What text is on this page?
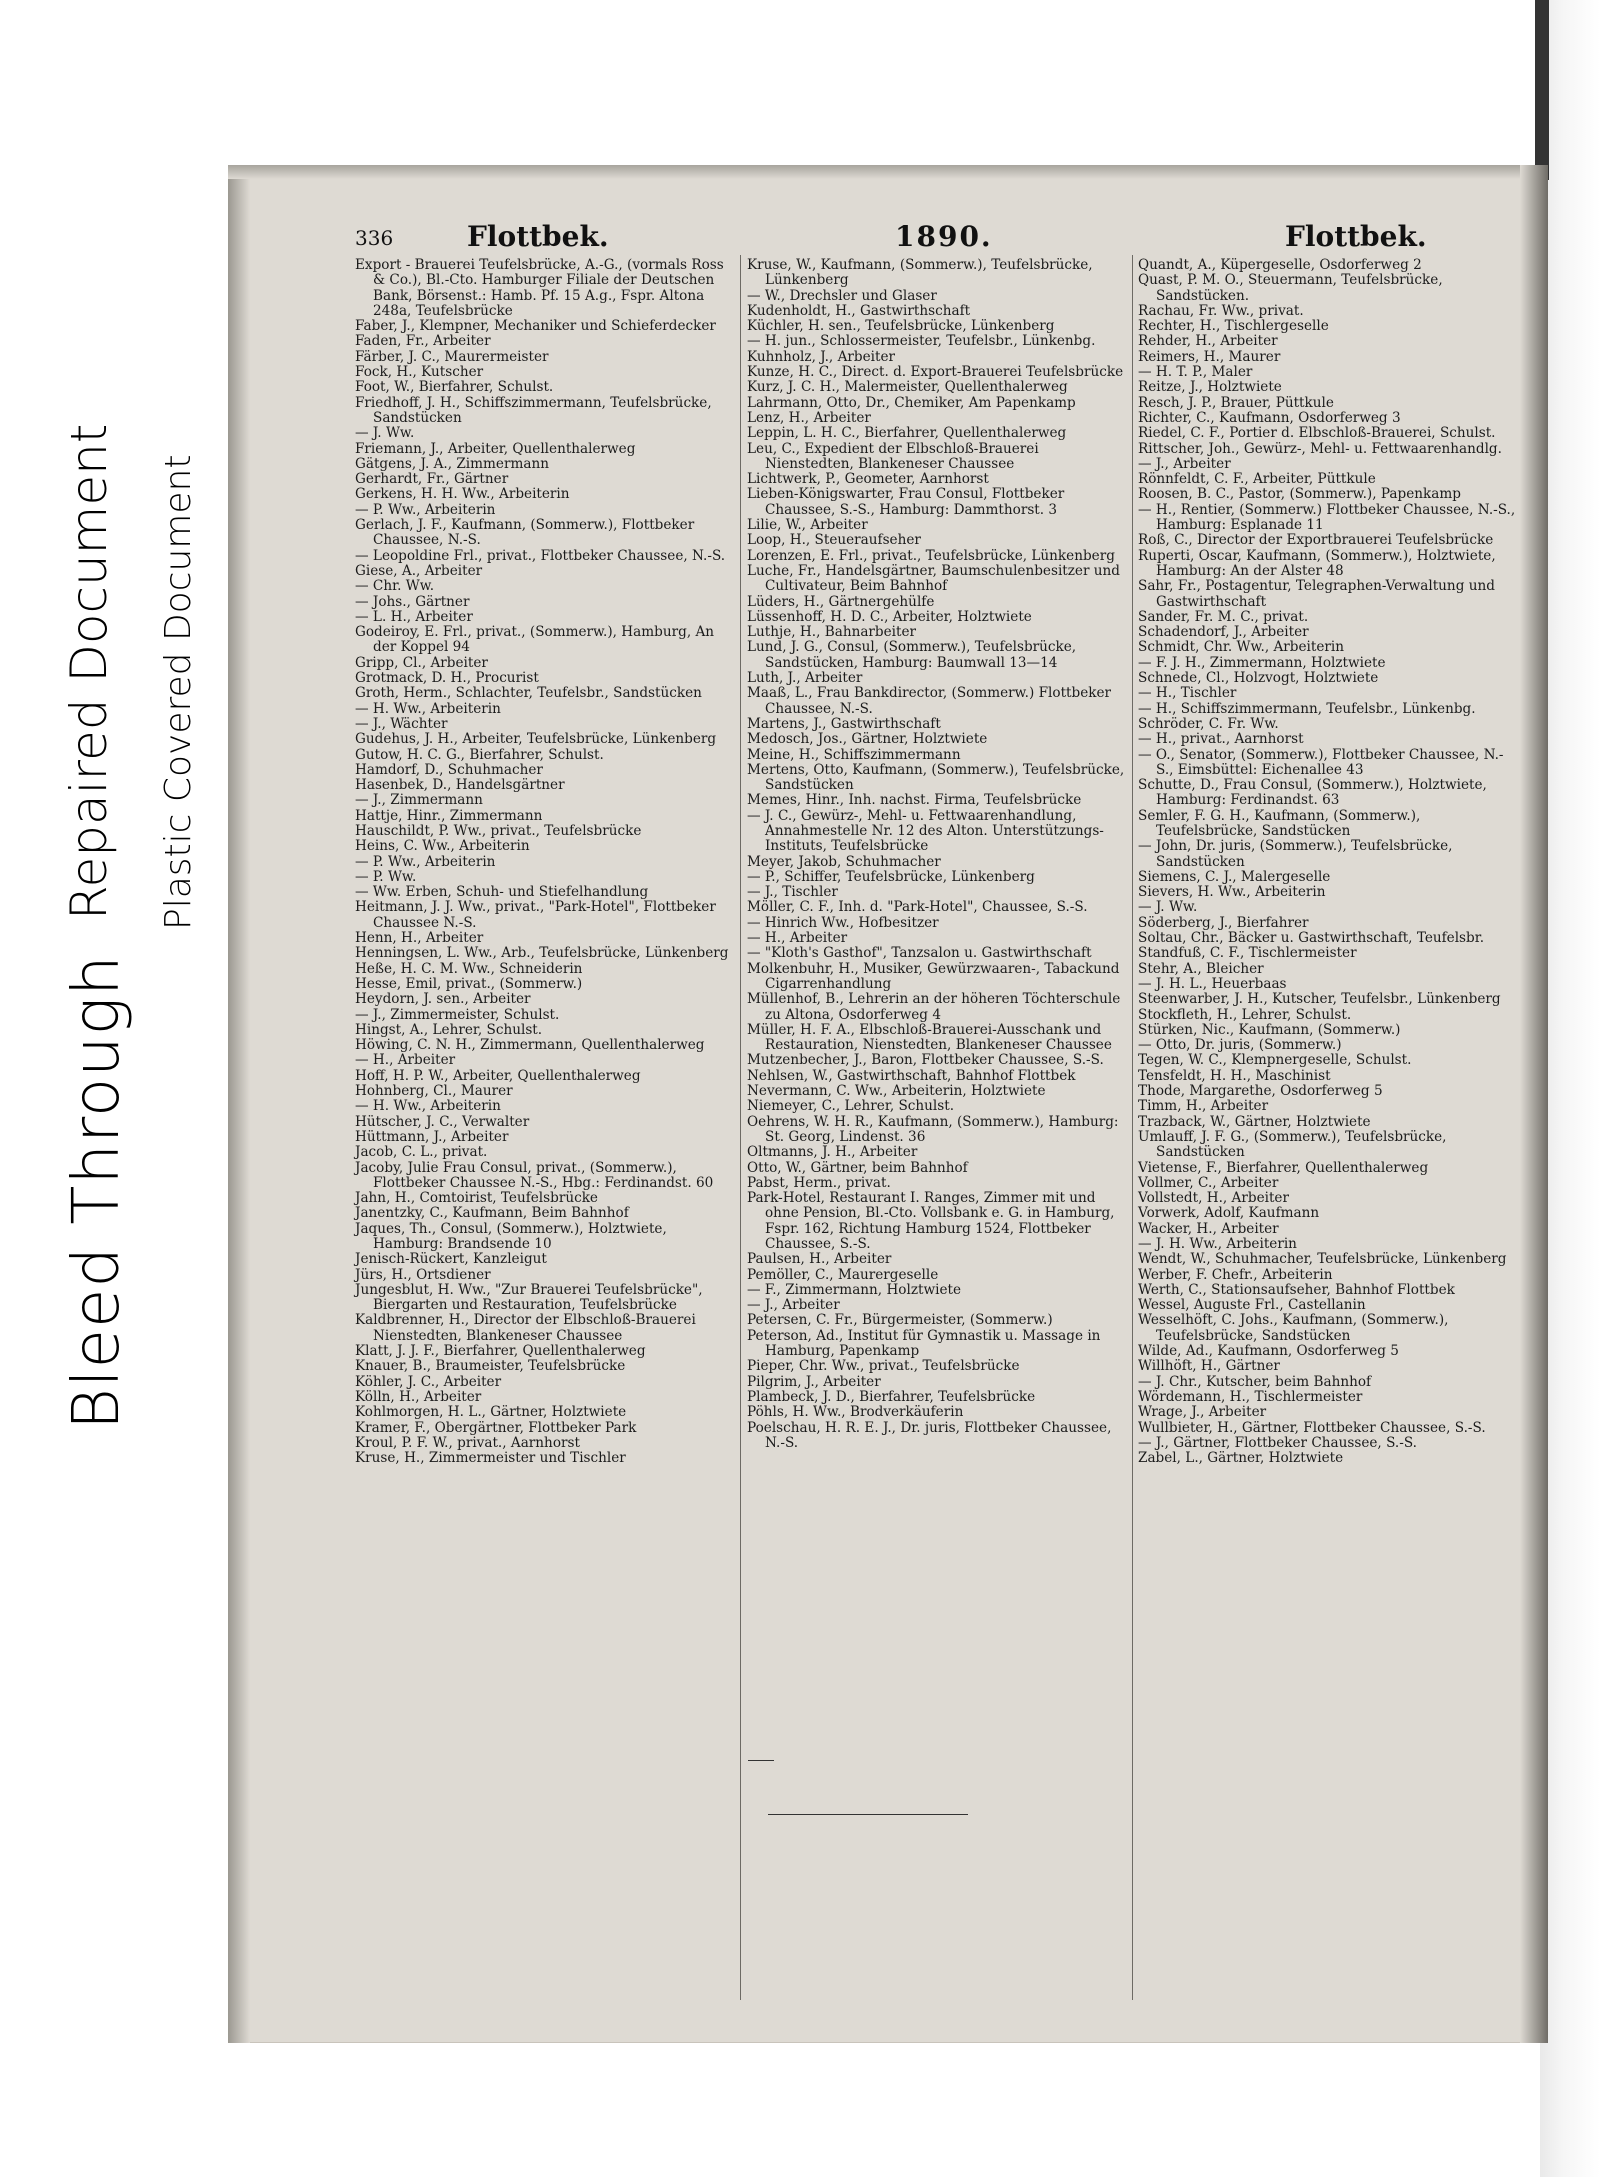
Bleed Through
Repaired Document Plastic Covered Document
336	Flottbek.	1890.	Flottbek.
Export - Brauerei Teufelsbrücke, A.-G., (vormals Ross & Co.), Bl.-Cto. Hamburger Filiale der Deutschen Bank, Börsenst.: Hamb. Pf. 15 A.g., Fspr. Altona 248a, Teufelsbrücke
Faber, J., Klempner, Mechaniker und Schieferdecker
Faden, Fr., Arbeiter
Färber, J. C., Maurermeister
Fock, H., Kutscher
Foot, W., Bierfahrer, Schulst.
Friedhoff, J. H., Schiffszimmermann, Teufelsbrücke, Sandstücken
— J. Ww.
Friemann, J., Arbeiter, Quellenthalerweg
Gätgens, J. A., Zimmermann
Gerhardt, Fr., Gärtner
Gerkens, H. H. Ww., Arbeiterin
— P. Ww., Arbeiterin
Gerlach, J. F., Kaufmann, (Sommerw.), Flottbeker Chaussee, N.-S.
— Leopoldine Frl., privat., Flottbeker Chaussee, N.-S.
Giese, A., Arbeiter
— Chr. Ww.
— Johs., Gärtner
— L. H., Arbeiter
Godeiroy, E. Frl., privat., (Sommerw.), Hamburg, An der Koppel 94
Gripp, Cl., Arbeiter
Grotmack, D. H., Procurist
Groth, Herm., Schlachter, Teufelsbr., Sandstücken
— H. Ww., Arbeiterin
— J., Wächter
Gudehus, J. H., Arbeiter, Teufelsbrücke, Lünkenberg
Gutow, H. C. G., Bierfahrer, Schulst.
Hamdorf, D., Schuhmacher
Hasenbek, D., Handelsgärtner
— J., Zimmermann
Hattje, Hinr., Zimmermann
Hauschildt, P. Ww., privat., Teufelsbrücke
Heins, C. Ww., Arbeiterin
— P. Ww., Arbeiterin
— P. Ww.
— Ww. Erben, Schuh- und Stiefelhandlung
Heitmann, J. J. Ww., privat., "Park-Hotel", Flottbeker Chaussee N.-S.
Henn, H., Arbeiter
Henningsen, L. Ww., Arb., Teufelsbrücke, Lünkenberg
Heße, H. C. M. Ww., Schneiderin
Hesse, Emil, privat., (Sommerw.)
Heydorn, J. sen., Arbeiter
— J., Zimmermeister, Schulst.
Hingst, A., Lehrer, Schulst.
Höwing, C. N. H., Zimmermann, Quellenthalerweg
— H., Arbeiter
Hoff, H. P. W., Arbeiter, Quellenthalerweg
Hohnberg, Cl., Maurer
— H. Ww., Arbeiterin
Hütscher, J. C., Verwalter
Hüttmann, J., Arbeiter
Jacob, C. L., privat.
Jacoby, Julie Frau Consul, privat., (Sommerw.), Flottbeker Chaussee N.-S., Hbg.: Ferdinandst. 60
Jahn, H., Comtoirist, Teufelsbrücke
Janentzky, C., Kaufmann, Beim Bahnhof
Jaques, Th., Consul, (Sommerw.), Holztwiete, Hamburg: Brandsende 10
Jenisch-Rückert, Kanzleigut
Jürs, H., Ortsdiener
Jungesblut, H. Ww., "Zur Brauerei Teufelsbrücke", Biergarten und Restauration, Teufelsbrücke
Kaldbrenner, H., Director der Elbschloß-Brauerei Nienstedten, Blankeneser Chaussee
Klatt, J. J. F., Bierfahrer, Quellenthalerweg
Knauer, B., Braumeister, Teufelsbrücke
Köhler, J. C., Arbeiter
Kölln, H., Arbeiter
Kohlmorgen, H. L., Gärtner, Holztwiete
Kramer, F., Obergärtner, Flottbeker Park
Kroul, P. F. W., privat., Aarnhorst
Kruse, H., Zimmermeister und Tischler
Kruse, W., Kaufmann, (Sommerw.), Teufelsbrücke, Lünkenberg
— W., Drechsler und Glaser
Kudenholdt, H., Gastwirthschaft
Küchler, H. sen., Teufelsbrücke, Lünkenberg
— H. jun., Schlossermeister, Teufelsbr., Lünkenbg.
Kuhnholz, J., Arbeiter
Kunze, H. C., Direct. d. Export-Brauerei Teufelsbrücke
Kurz, J. C. H., Malermeister, Quellenthalerweg
Lahrmann, Otto, Dr., Chemiker, Am Papenkamp
Lenz, H., Arbeiter
Leppin, L. H. C., Bierfahrer, Quellenthalerweg
Leu, C., Expedient der Elbschloß-Brauerei Nienstedten, Blankeneser Chaussee
Lichtwerk, P., Geometer, Aarnhorst
Lieben-Königswarter, Frau Consul, Flottbeker Chaussee, S.-S., Hamburg: Dammthorst. 3
Lilie, W., Arbeiter
Loop, H., Steueraufseher
Lorenzen, E. Frl., privat., Teufelsbrücke, Lünkenberg
Luche, Fr., Handelsgärtner, Baumschulenbesitzer und Cultivateur, Beim Bahnhof
Lüders, H., Gärtnergehülfe
Lüssenhoff, H. D. C., Arbeiter, Holztwiete
Luthje, H., Bahnarbeiter
Lund, J. G., Consul, (Sommerw.), Teufelsbrücke, Sandstücken, Hamburg: Baumwall 13—14
Luth, J., Arbeiter
Maaß, L., Frau Bankdirector, (Sommerw.) Flottbeker Chaussee, N.-S.
Martens, J., Gastwirthschaft
Medosch, Jos., Gärtner, Holztwiete
Meine, H., Schiffszimmermann
Mertens, Otto, Kaufmann, (Sommerw.), Teufelsbrücke, Sandstücken
Memes, Hinr., Inh. nachst. Firma, Teufelsbrücke
— J. C., Gewürz-, Mehl- u. Fettwaarenhandlung, Annahmestelle Nr. 12 des Alton. Unterstützungs-Instituts, Teufelsbrücke
Meyer, Jakob, Schuhmacher
— P., Schiffer, Teufelsbrücke, Lünkenberg
— J., Tischler
Möller, C. F., Inh. d. "Park-Hotel", Chaussee, S.-S.
— Hinrich Ww., Hofbesitzer
— H., Arbeiter
— "Kloth's Gasthof", Tanzsalon u. Gastwirthschaft
Molkenbuhr, H., Musiker, Gewürzwaaren-, Tabackund Cigarrenhandlung
Müllenhof, B., Lehrerin an der höheren Töchterschule zu Altona, Osdorferweg 4
Müller, H. F. A., Elbschloß-Brauerei-Ausschank und Restauration, Nienstedten, Blankeneser Chaussee
Mutzenbecher, J., Baron, Flottbeker Chaussee, S.-S.
Nehlsen, W., Gastwirthschaft, Bahnhof Flottbek
Nevermann, C. Ww., Arbeiterin, Holztwiete
Niemeyer, C., Lehrer, Schulst.
Oehrens, W. H. R., Kaufmann, (Sommerw.), Hamburg: St. Georg, Lindenst. 36
Oltmanns, J. H., Arbeiter
Otto, W., Gärtner, beim Bahnhof
Pabst, Herm., privat.
Park-Hotel, Restaurant I. Ranges, Zimmer mit und ohne Pension, Bl.-Cto. Vollsbank e. G. in Hamburg, Fspr. 162, Richtung Hamburg 1524, Flottbeker Chaussee, S.-S.
Paulsen, H., Arbeiter
Pemöller, C., Maurergeselle
— F., Zimmermann, Holztwiete
— J., Arbeiter
Petersen, C. Fr., Bürgermeister, (Sommerw.)
Peterson, Ad., Institut für Gymnastik u. Massage in Hamburg, Papenkamp
Pieper, Chr. Ww., privat., Teufelsbrücke
Pilgrim, J., Arbeiter
Plambeck, J. D., Bierfahrer, Teufelsbrücke
Pöhls, H. Ww., Brodverkäuferin
Poelschau, H. R. E. J., Dr. juris, Flottbeker Chaussee, N.-S.
Quandt, A., Küpergeselle, Osdorferweg 2
Quast, P. M. O., Steuermann, Teufelsbrücke, Sandstücken.
Rachau, Fr. Ww., privat.
Rechter, H., Tischlergeselle
Rehder, H., Arbeiter
Reimers, H., Maurer
— H. T. P., Maler
Reitze, J., Holztwiete
Resch, J. P., Brauer, Püttkule
Richter, C., Kaufmann, Osdorferweg 3
Riedel, C. F., Portier d. Elbschloß-Brauerei, Schulst.
Rittscher, Joh., Gewürz-, Mehl- u. Fettwaarenhandlg.
— J., Arbeiter
Rönnfeldt, C. F., Arbeiter, Püttkule
Roosen, B. C., Pastor, (Sommerw.), Papenkamp
— H., Rentier, (Sommerw.) Flottbeker Chaussee, N.-S., Hamburg: Esplanade 11
Roß, C., Director der Exportbrauerei Teufelsbrücke
Ruperti, Oscar, Kaufmann, (Sommerw.), Holztwiete, Hamburg: An der Alster 48
Sahr, Fr., Postagentur, Telegraphen-Verwaltung und Gastwirthschaft
Sander, Fr. M. C., privat.
Schadendorf, J., Arbeiter
Schmidt, Chr. Ww., Arbeiterin
— F. J. H., Zimmermann, Holztwiete
Schnede, Cl., Holzvogt, Holztwiete
— H., Tischler
— H., Schiffszimmermann, Teufelsbr., Lünkenbg.
Schröder, C. Fr. Ww.
— H., privat., Aarnhorst
— O., Senator, (Sommerw.), Flottbeker Chaussee, N.-S., Eimsbüttel: Eichenallee 43
Schutte, D., Frau Consul, (Sommerw.), Holztwiete, Hamburg: Ferdinandst. 63
Semler, F. G. H., Kaufmann, (Sommerw.), Teufelsbrücke, Sandstücken
— John, Dr. juris, (Sommerw.), Teufelsbrücke, Sandstücken
Siemens, C. J., Malergeselle
Sievers, H. Ww., Arbeiterin
— J. Ww.
Söderberg, J., Bierfahrer
Soltau, Chr., Bäcker u. Gastwirthschaft, Teufelsbr.
Standfuß, C. F., Tischlermeister
Stehr, A., Bleicher
— J. H. L., Heuerbaas
Steenwarber, J. H., Kutscher, Teufelsbr., Lünkenberg
Stockfleth, H., Lehrer, Schulst.
Stürken, Nic., Kaufmann, (Sommerw.)
— Otto, Dr. juris, (Sommerw.)
Tegen, W. C., Klempnergeselle, Schulst.
Tensfeldt, H. H., Maschinist
Thode, Margarethe, Osdorferweg 5
Timm, H., Arbeiter
Trazback, W., Gärtner, Holztwiete
Umlauff, J. F. G., (Sommerw.), Teufelsbrücke, Sandstücken
Vietense, F., Bierfahrer, Quellenthalerweg
Vollmer, C., Arbeiter
Vollstedt, H., Arbeiter
Vorwerk, Adolf, Kaufmann
Wacker, H., Arbeiter
— J. H. Ww., Arbeiterin
Wendt, W., Schuhmacher, Teufelsbrücke, Lünkenberg
Werber, F. Chefr., Arbeiterin
Werth, C., Stationsaufseher, Bahnhof Flottbek
Wessel, Auguste Frl., Castellanin
Wesselhöft, C. Johs., Kaufmann, (Sommerw.), Teufelsbrücke, Sandstücken
Wilde, Ad., Kaufmann, Osdorferweg 5
Willhöft, H., Gärtner
— J. Chr., Kutscher, beim Bahnhof
Wördemann, H., Tischlermeister
Wrage, J., Arbeiter
Wullbieter, H., Gärtner, Flottbeker Chaussee, S.-S.
— J., Gärtner, Flottbeker Chaussee, S.-S.
Zabel, L., Gärtner, Holztwiete
